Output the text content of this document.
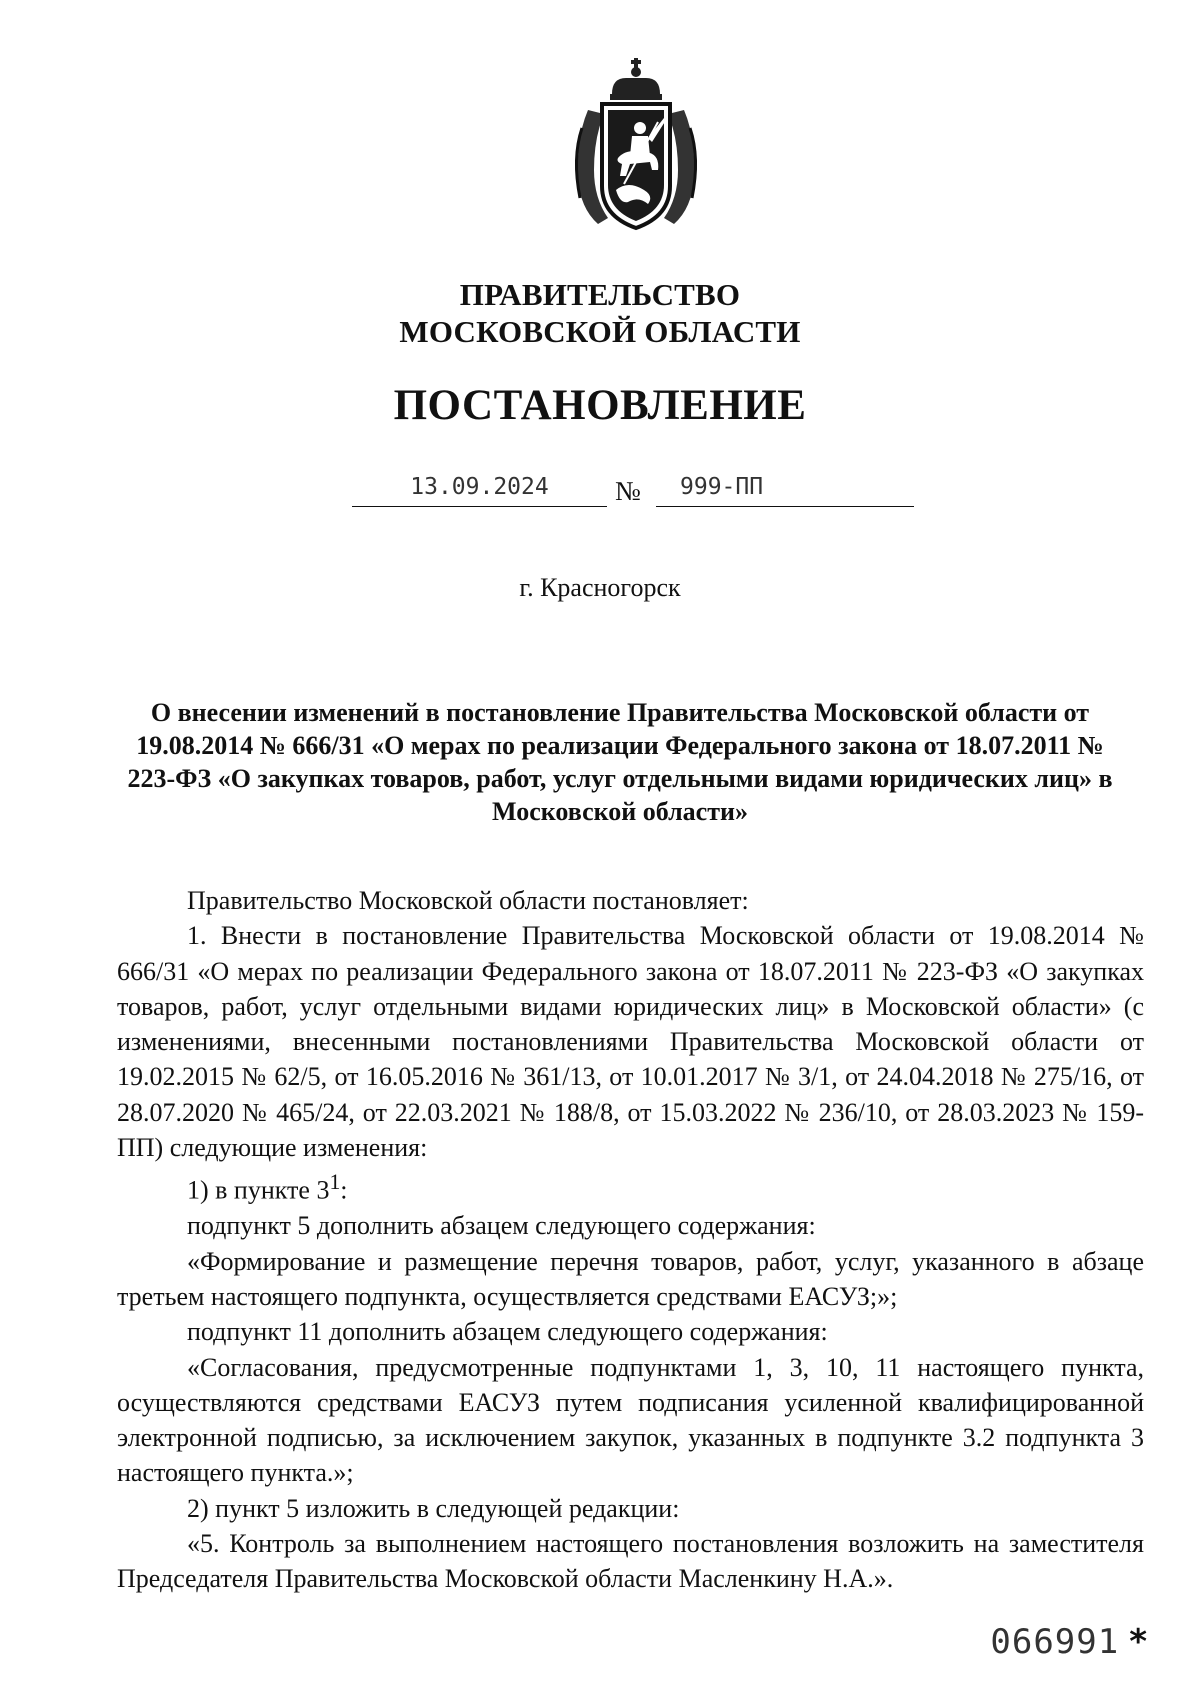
ПРАВИТЕЛЬСТВО
МОСКОВСКОЙ ОБЛАСТИ
ПОСТАНОВЛЕНИЕ
13.09.2024	№ 999-ПП
г. Красногорск
О внесении изменений в постановление Правительства Московской области от 19.08.2014 № 666/31 «О мерах по реализации Федерального закона от 18.07.2011 № 223-ФЗ «О закупках товаров, работ, услуг отдельными видами юридических лиц» в Московской области»

Правительство Московской области постановляет:

1. Внести в постановление Правительства Московской области от 19.08.2014 № 666/31 «О мерах по реализации Федерального закона от 18.07.2011 № 223-ФЗ «О закупках товаров, работ, услуг отдельными видами юридических лиц» в Московской области» (с изменениями, внесенными постановлениями Правительства Московской области от 19.02.2015 № 62/5, от 16.05.2016 № 361/13, от 10.01.2017 № 3/1, от 24.04.2018 № 275/16, от 28.07.2020 № 465/24, от 22.03.2021 № 188/8, от 15.03.2022 № 236/10, от 28.03.2023 № 159-ПП) следующие изменения:

1) в пункте $3^1$:

подпункт 5 дополнить абзацем следующего содержания:

«Формирование и размещение перечня товаров, работ, услуг, указанного в абзаце третьем настоящего подпункта, осуществляется средствами ЕАСУЗ;»;

подпункт 11 дополнить абзацем следующего содержания:

«Согласования, предусмотренные подпунктами 1, 3, 10, 11 настоящего пункта, осуществляются средствами ЕАСУЗ путем подписания усиленной квалифицированной электронной подписью, за исключением закупок, указанных в подпункте 3.2 подпункта 3 настоящего пункта.»;

2) пункт 5 изложить в следующей редакции:

«5. Контроль за выполнением настоящего постановления возложить на заместителя Председателя Правительства Московской области Масленкину Н.А.».

066991 *
